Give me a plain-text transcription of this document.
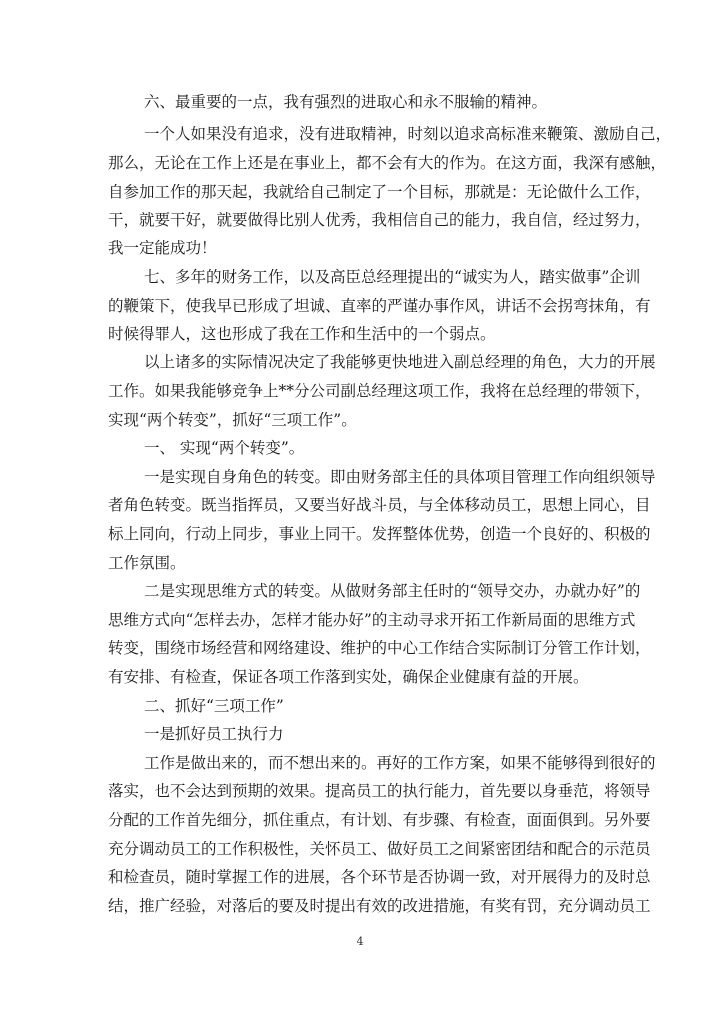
六、最重要的一点，我有强烈的进取心和永不服输的精神。
一个人如果没有追求，没有进取精神，时刻以追求高标准来鞭策、激励自己，
那么，无论在工作上还是在事业上，都不会有大的作为。在这方面，我深有感触，
自参加工作的那天起，我就给自己制定了一个目标，那就是：无论做什么工作，
干，就要干好，就要做得比别人优秀，我相信自己的能力，我自信，经过努力，
我一定能成功！
七、多年的财务工作，以及高臣总经理提出的“诚实为人，踏实做事”企训
的鞭策下，使我早已形成了坦诚、直率的严谨办事作风，讲话不会拐弯抹角，有
时候得罪人，这也形成了我在工作和生活中的一个弱点。
以上诸多的实际情况决定了我能够更快地进入副总经理的角色，大力的开展
工作。如果我能够竞争上**分公司副总经理这项工作，我将在总经理的带领下，
实现“两个转变”，抓好“三项工作”。
一、 实现“两个转变”。
一是实现自身角色的转变。即由财务部主任的具体项目管理工作向组织领导
者角色转变。既当指挥员，又要当好战斗员，与全体移动员工，思想上同心，目
标上同向，行动上同步，事业上同干。发挥整体优势，创造一个良好的、积极的
工作氛围。
二是实现思维方式的转变。从做财务部主任时的“领导交办，办就办好”的
思维方式向“怎样去办，怎样才能办好”的主动寻求开拓工作新局面的思维方式
转变，围绕市场经营和网络建设、维护的中心工作结合实际制订分管工作计划，
有安排、有检查，保证各项工作落到实处，确保企业健康有益的开展。
二、抓好“三项工作”
一是抓好员工执行力
工作是做出来的，而不想出来的。再好的工作方案，如果不能够得到很好的
落实，也不会达到预期的效果。提高员工的执行能力，首先要以身垂范，将领导
分配的工作首先细分，抓住重点，有计划、有步骤、有检查，面面俱到。另外要
充分调动员工的工作积极性，关怀员工、做好员工之间紧密团结和配合的示范员
和检查员，随时掌握工作的进展，各个环节是否协调一致，对开展得力的及时总
结，推广经验，对落后的要及时提出有效的改进措施，有奖有罚，充分调动员工
4
